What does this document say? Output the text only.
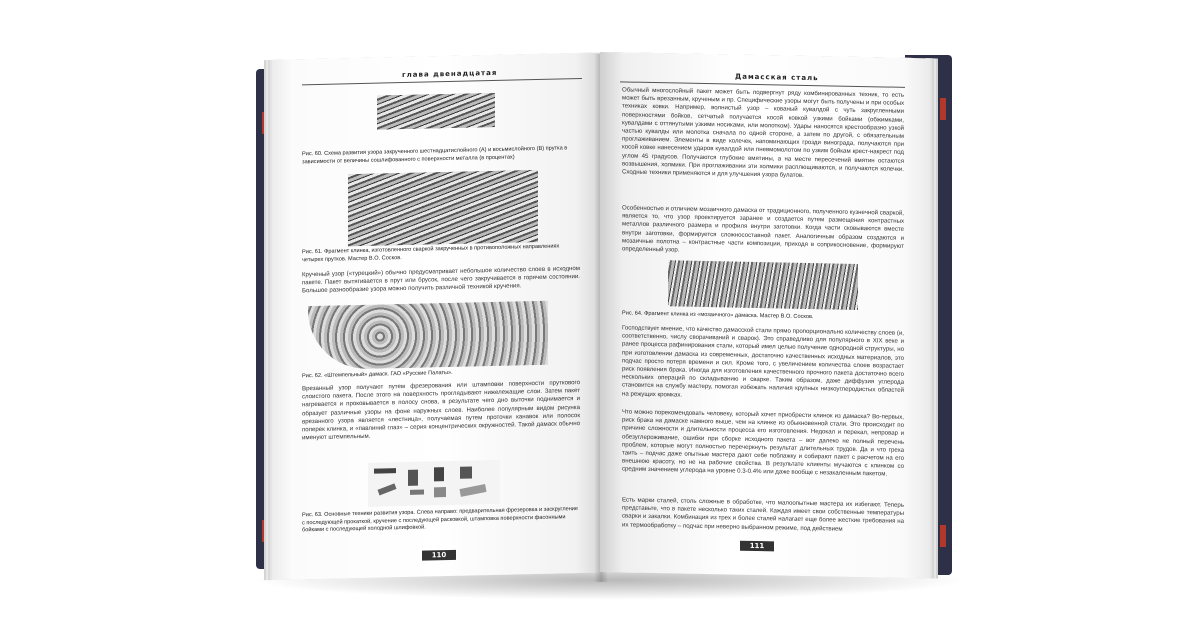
глава двенадцатая
Рис. 60. Схема развития узора закрученного шестнадцатислойного (А) и восьмислойного (В) прутка в зависимости от величины сошлифованного с поверхности металла (в процентах)
Рис. 61. Фрагмент клинка, изготовленного сваркой закрученных в противоположных направлениях четырех прутков. Мастер В.О. Сосков.
Крученый узор («турецкий») обычно предусматривает небольшое количество слоев в исходном пакете. Пакет вытягивается в прут или брусок, после чего закручивается в горячем состоянии. Большое разнообразие узора можно получить различной техникой кручения.
Рис. 62. «Штемпельный» дамаск. ГАО «Русские Палаты».
Врезанный узор получают путем фрезерования или штамповки поверхности пруткового слоистого пакета. После этого на поверхность проглядывают нижележащие слои. Затем пакет нагревается и проковывается в полосу снова, в результате чего дно выточки поднимается и образует различные узоры на фоне наружных слоев. Наиболее популярным видом рисунка врезанного узора является «лестница», получаемая путем проточки канавок или полосок поперек клинка, и «павлиний глаз» – серия концентрических окружностей. Такой дамаск обычно именуют штемпельным.
Рис. 63. Основные техники развития узора. Слева направо: предварительная фрезеровка и заскругление с последующей прокаткой, кручение с последующей расковкой, штамповка поверхности фасонными бойками с последующей холодной шлифовкой.
110
Дамасская сталь
Обычный многослойный пакет может быть подвергнут ряду комбинированных техник, то есть может быть врезанным, крученым и пр. Специфические узоры могут быть получены и при особых техниках ковки. Например, волнистый узор – кованый кувалдой с чуть закругленными поверхностями бойков, сетчатый получается косой ковкой узкими бойками (обжимками, кувалдами с оттянутыми узкими носиками, или молотком). Удары наносятся крестообразно узкой частью кувалды или молотка сначала по одной стороне, а затем по другой, с обязательным проглаживанием. Элементы в виде колечек, напоминающих грозди винограда, получаются при косой ковке нанесением ударов кувалдой или пневмомолотом по узким бойкам крест-накрест под углом 45 градусов. Получаются глубокие вмятины, а на месте пересечений вмятин остаются возвышения, холмики. При проглаживании эти холмики расплющиваются, и получаются колечки. Сходные техники применяются и для улучшения узора булатов.
Особенностью и отличием мозаичного дамаска от традиционного, полученного кузнечной сваркой, является то, что узор проектируется заранее и создается путем размещения контрастных металлов различного размера и профиля внутри заготовки. Когда части сковываются вместе внутри заготовки, формируется сложносоставной пакет. Аналогичным образом создаются и мозаичные полотна – контрастные части композиции, приходя в соприкосновение, формируют определенный узор.
Рис. 64. Фрагмент клинка из «мозаичного» дамаска. Мастер В.О. Сосков.
Господствует мнение, что качество дамасской стали прямо пропорционально количеству слоев (и, соответственно, числу сворачиваний и сварок). Это справедливо для популярного в XIX веке и ранее процесса рафинирования стали, который имел целью получение однородной структуры, но при изготовлении дамаска из современных, достаточно качественных исходных материалов, это подчас просто потеря времени и сил. Кроме того, с увеличением количества слоев возрастает риск появления брака. Иногда для изготовления качественного прочного пакета достаточно всего нескольких операций по складыванию и сварке. Таким образом, даже диффузия углерода становится на службу мастеру, помогая избежать наличия крупных низкоуглеродистых областей на режущих кромках.
Что можно порекомендовать человеку, который хочет приобрести клинок из дамаска? Во-первых, риск брака на дамаске намного выше, чем на клинке из обыкновенной стали. Это происходит по причине сложности и длительности процесса его изготовления. Недокал и перекал, непровар и обезуглероживание, ошибки при сборке исходного пакета – вот далеко не полный перечень проблем, которые могут полностью перечеркнуть результат длительных трудов. Да и что греха таить – подчас даже опытные мастера дают себе поблажку и собирают пакет с расчетом на его внешнюю красоту, но не на рабочие свойства. В результате клиенты мучаются с клинком со средним значением углерода на уровне 0.3-0.4% или даже вообще с незакаленным пакетом.
Есть марки сталей, столь сложные в обработке, что малоопытные мастера их избегают. Теперь представьте, что в пакете несколько таких сталей. Каждая имеет свои собственные температуры сварки и закалки. Комбинация из трех и более сталей налагает еще более жесткие требования на их термообработку – подчас при неверно выбранном режиме, под действием
111
